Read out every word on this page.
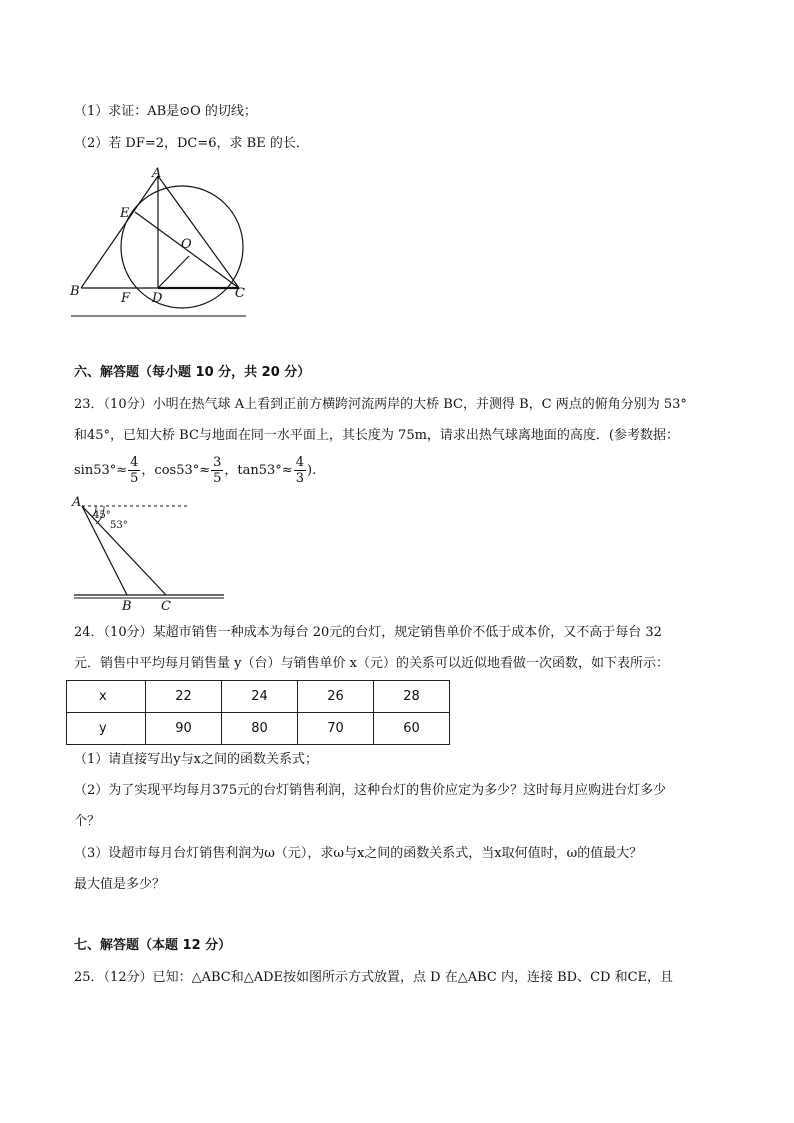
（1）求证：AB是⊙O 的切线；
（2）若 DF=2，DC=6，求 BE 的长．
A
E
O
B	F D	C
六、解答题（每小题 10 分，共 20 分）
23．（10分）小明在热气球 A上看到正前方横跨河流两岸的大桥 BC，并测得 B，C 两点的俯角分别为 53°
和45°，已知大桥 BC与地面在同一水平面上，其长度为 75m，请求出热气球离地面的高度．(参考数据：
$\sin 53^\circ\approx \frac{4}{5}$ ，$\cos 53^\circ\approx \frac{3}{5}$ ，$\tan 53^\circ\approx \frac{4}{3}$ ).
A
45°
53°
B C
24．（10分）某超市销售一种成本为每台 20元的台灯，规定销售单价不低于成本价，又不高于每台 32
元．销售中平均每月销售量 y（台）与销售单价 x（元）的关系可以近似地看做一次函数，如下表所示：
x	22	24	26	28
y	90	80	70	60
（1）请直接写出y与x之间的函数关系式；
（2）为了实现平均每月375元的台灯销售利润，这种台灯的售价应定为多少？这时每月应购进台灯多少
个？
（3）设超市每月台灯销售利润为ω（元），求ω与x之间的函数关系式，当x取何值时，ω的值最大？
最大值是多少？
七、解答题（本题 12 分）
25．（12分）已知：△ABC和△ADE按如图所示方式放置，点 D 在△ABC 内，连接 BD、CD 和CE，且
